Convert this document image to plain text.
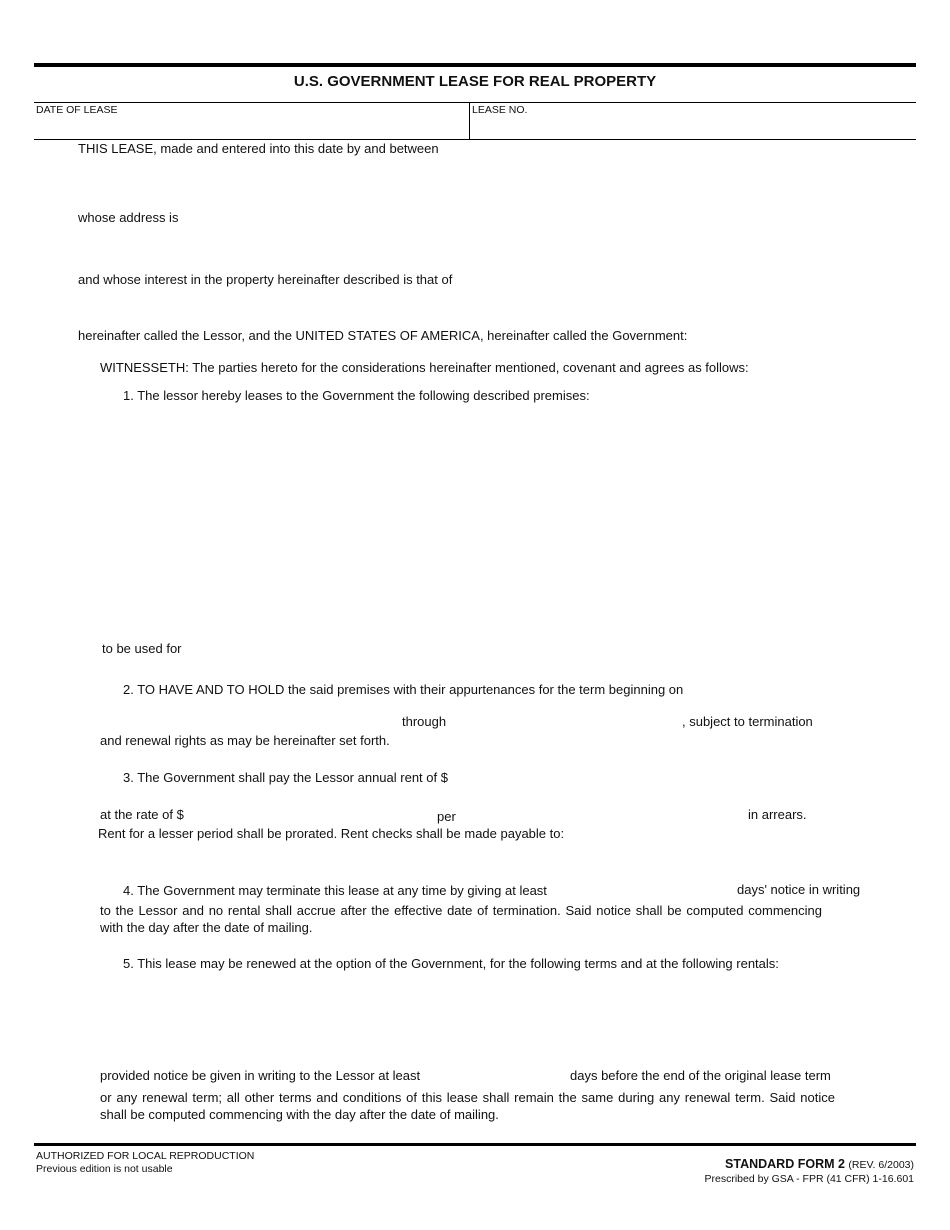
U.S. GOVERNMENT LEASE FOR REAL PROPERTY
DATE OF LEASE	LEASE NO.
THIS LEASE, made and entered into this date by and between
whose address is
and whose interest in the property hereinafter described is that of
hereinafter called the Lessor, and the UNITED STATES OF AMERICA, hereinafter called the Government:
WITNESSETH: The parties hereto for the considerations hereinafter mentioned, covenant and agrees as follows:
1. The lessor hereby leases to the Government the following described premises:
to be used for
2. TO HAVE AND TO HOLD the said premises with their appurtenances for the term beginning on
through	, subject to termination
and renewal rights as may be hereinafter set forth.
3. The Government shall pay the Lessor annual rent of $
at the rate of $	per	in arrears.
Rent for a lesser period shall be prorated. Rent checks shall be made payable to:
4. The Government may terminate this lease at any time by giving at least	days' notice in writing
to the Lessor and no rental shall accrue after the effective date of termination. Said notice shall be computed commencing with the day after the date of mailing.
5. This lease may be renewed at the option of the Government, for the following terms and at the following rentals:
provided notice be given in writing to the Lessor at least	days before the end of the original lease term
or any renewal term; all other terms and conditions of this lease shall remain the same during any renewal term. Said notice shall be computed commencing with the day after the date of mailing.
AUTHORIZED FOR LOCAL REPRODUCTION
Previous edition is not usable	STANDARD FORM 2 (REV. 6/2003)
Prescribed by GSA - FPR (41 CFR) 1-16.601
